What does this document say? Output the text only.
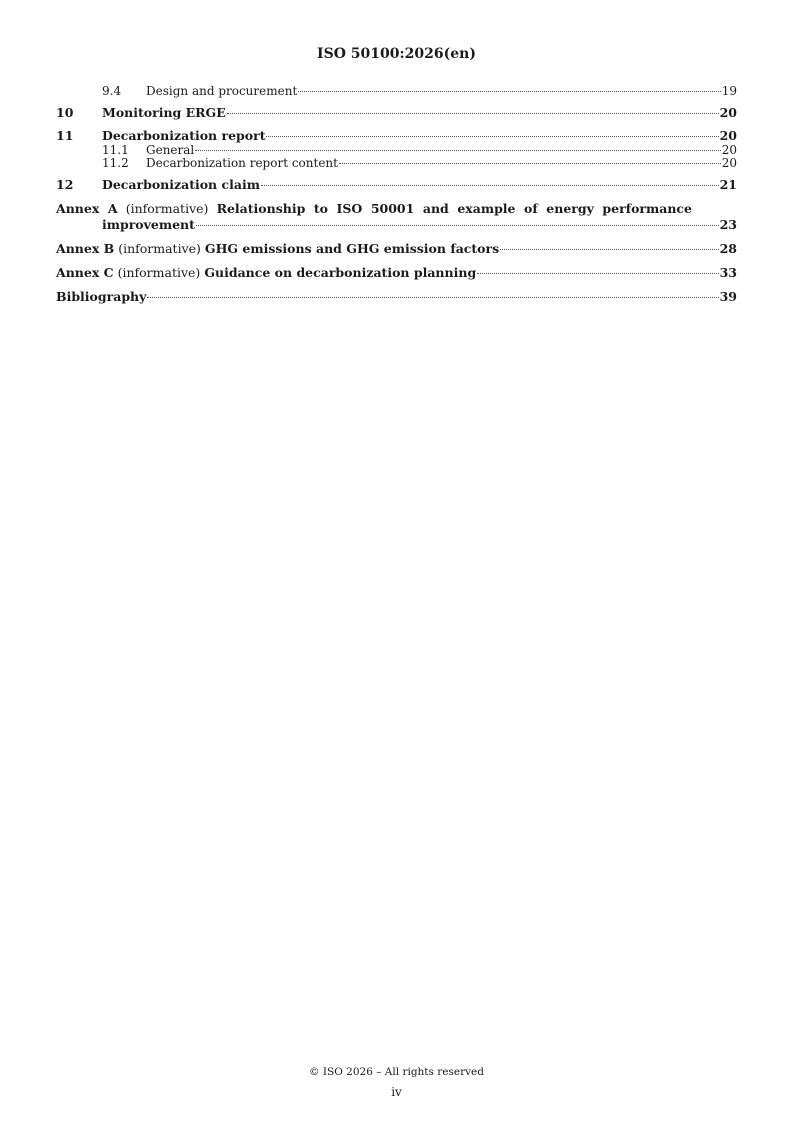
ISO 50100:2026(en)
9.4	Design and procurement	19
10	Monitoring ERGE	20
11	Decarbonization report	20
11.1	General	20
11.2	Decarbonization report content	20
12	Decarbonization claim	21
Annex A (informative) Relationship to ISO 50001 and example of energy performance
improvement	23
Annex B (informative) GHG emissions and GHG emission factors	28
Annex C (informative) Guidance on decarbonization planning	33
Bibliography	39
© ISO 2026 – All rights reserved
iv
